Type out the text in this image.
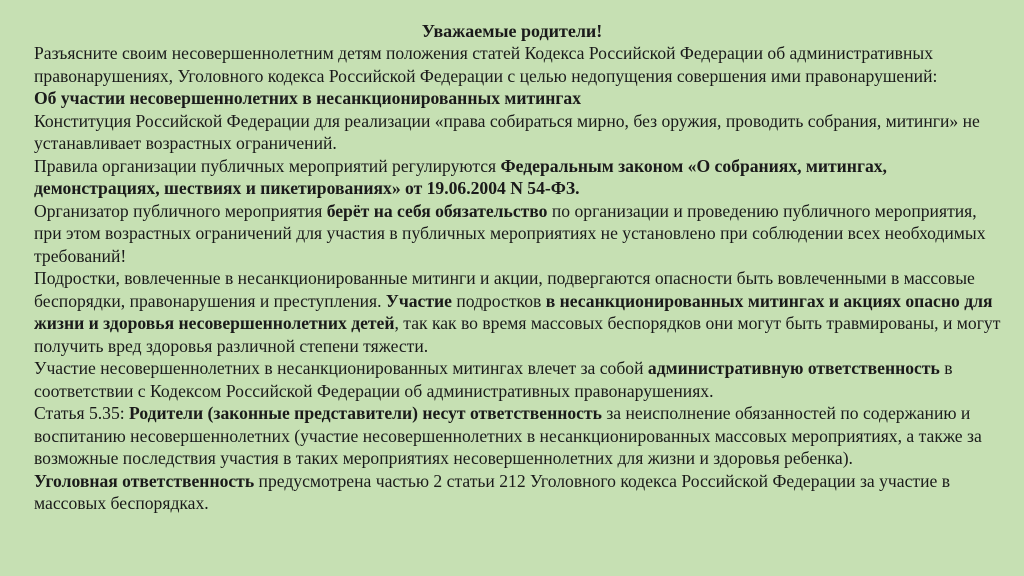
Уважаемые родители!

Разъясните своим несовершеннолетним детям положения статей Кодекса Российской Федерации об административных правонарушениях, Уголовного кодекса Российской Федерации с целью недопущения совершения ими правонарушений:

Об участии несовершеннолетних в несанкционированных митингах

Конституция Российской Федерации для реализации «права собираться мирно, без оружия, проводить собрания, митинги» не устанавливает возрастных ограничений.

Правила организации публичных мероприятий регулируются Федеральным законом «О собраниях, митингах, демонстрациях, шествиях и пикетированиях» от 19.06.2004 N 54-ФЗ.

Организатор публичного мероприятия берёт на себя обязательство по организации и проведению публичного мероприятия, при этом возрастных ограничений для участия в публичных мероприятиях не установлено при соблюдении всех необходимых требований!

Подростки, вовлеченные в несанкционированные митинги и акции, подвергаются опасности быть вовлеченными в массовые беспорядки, правонарушения и преступления. Участие подростков в несанкционированных митингах и акциях опасно для жизни и здоровья несовершеннолетних детей, так как во время массовых беспорядков они могут быть травмированы, и могут получить вред здоровья различной степени тяжести.

Участие несовершеннолетних в несанкционированных митингах влечет за собой административную ответственность в соответствии с Кодексом Российской Федерации об административных правонарушениях.

Статья 5.35: Родители (законные представители) несут ответственность за неисполнение обязанностей по содержанию и воспитанию несовершеннолетних (участие несовершеннолетних в несанкционированных массовых мероприятиях, а также за возможные последствия участия в таких мероприятиях несовершеннолетних для жизни и здоровья ребенка).

Уголовная ответственность предусмотрена частью 2 статьи 212 Уголовного кодекса Российской Федерации за участие в массовых беспорядках.
